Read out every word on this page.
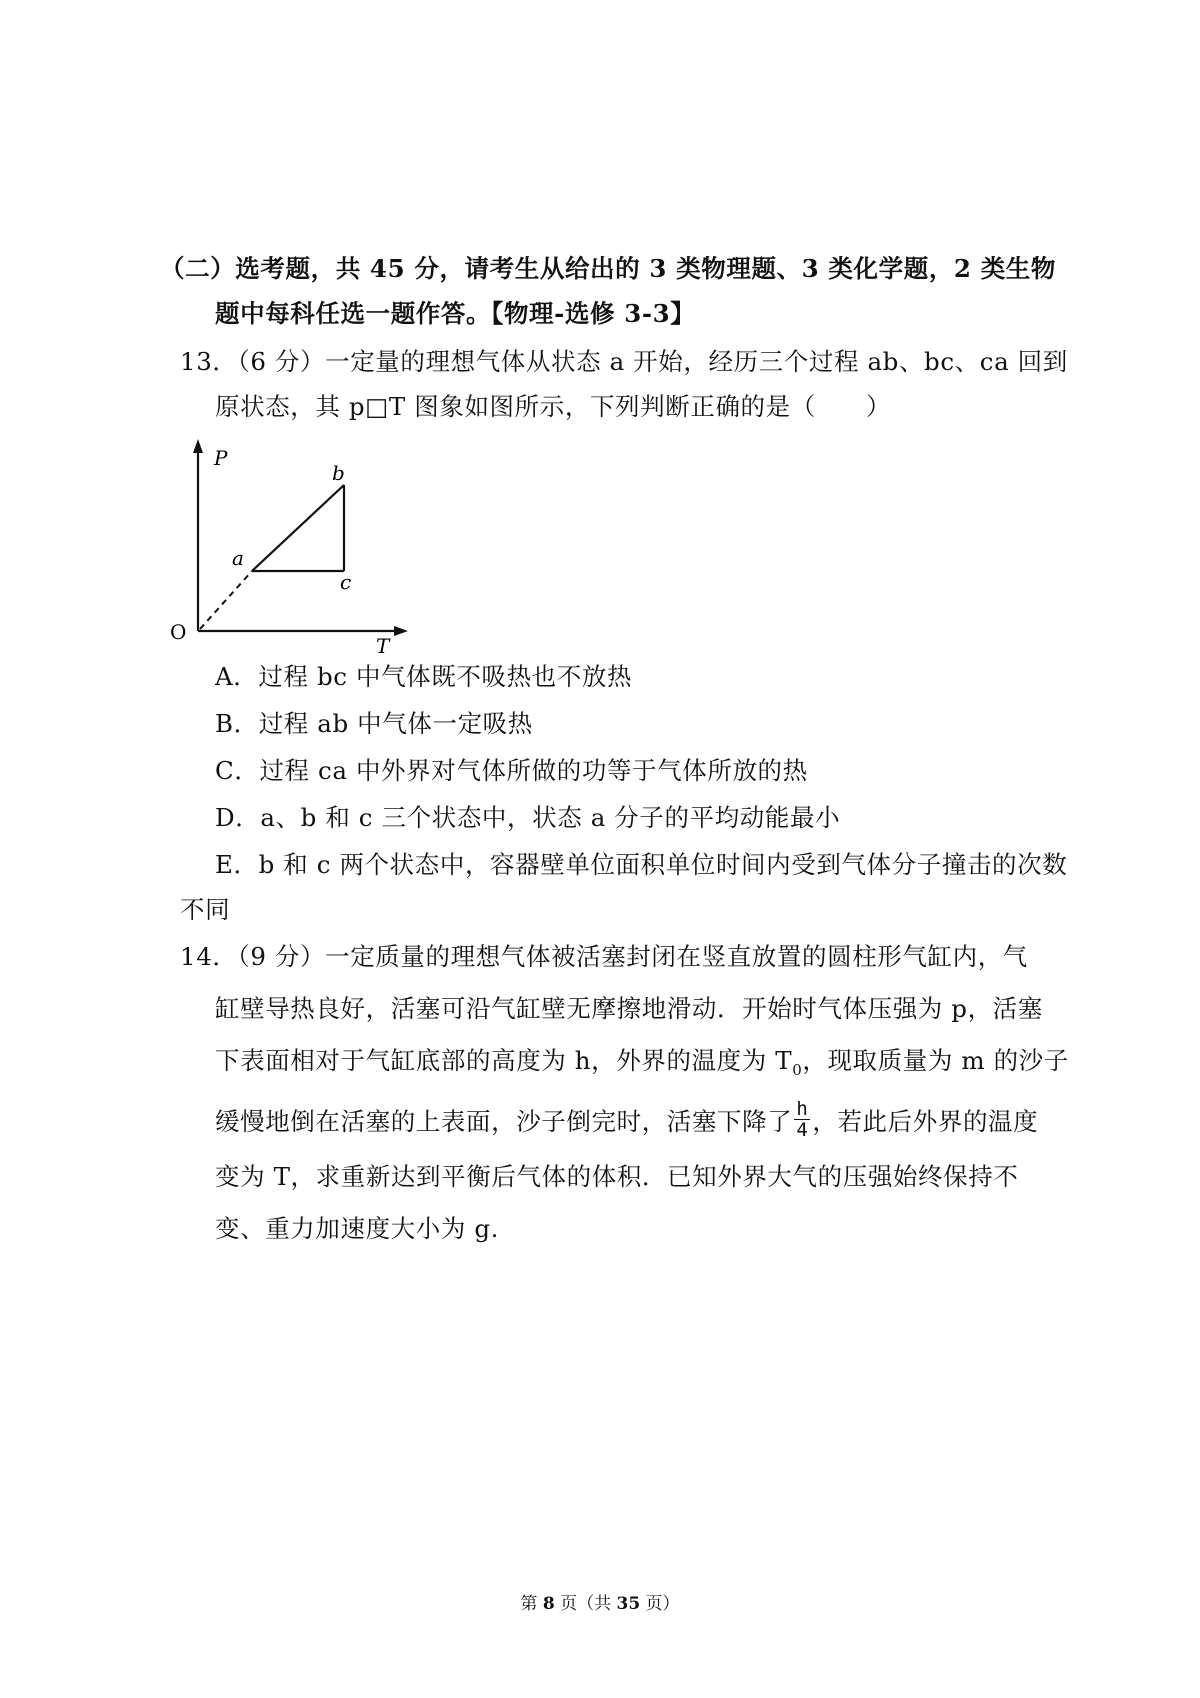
（二）选考题，共 45 分，请考生从给出的 3 类物理题、3 类化学题，2 类生物
题中每科任选一题作答。【物理-选修 3-3】
13．（6 分）一定量的理想气体从状态 a 开始，经历三个过程 ab、bc、ca 回到
原状态，其 p□T 图象如图所示，下列判断正确的是（　　）
P
T
O
a
b
c
A．过程 bc 中气体既不吸热也不放热
B．过程 ab 中气体一定吸热
C．过程 ca 中外界对气体所做的功等于气体所放的热
D．a、b 和 c 三个状态中，状态 a 分子的平均动能最小
E．b 和 c 两个状态中，容器壁单位面积单位时间内受到气体分子撞击的次数
不同
14．（9 分）一定质量的理想气体被活塞封闭在竖直放置的圆柱形气缸内，气
缸壁导热良好，活塞可沿气缸壁无摩擦地滑动．开始时气体压强为 p，活塞
下表面相对于气缸底部的高度为 h，外界的温度为 $T_0$，现取质量为 m 的沙子
缓慢地倒在活塞的上表面，沙子倒完时，活塞下降了 $\frac{h}{4}$ ，若此后外界的温度
变为 T，求重新达到平衡后气体的体积．已知外界大气的压强始终保持不
变、重力加速度大小为 g.
第 8 页（共 35 页）
